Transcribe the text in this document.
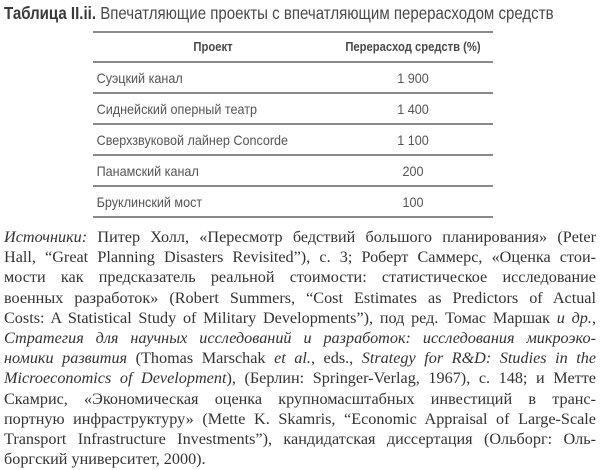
Таблица II.ii. Впечатляющие проекты с впечатляющим перерасходом средств
Проект	Перерасход средств (%)
Суэцкий канал	1 900
Сиднейский оперный театр	1 400
Сверхзвуковой лайнер Concorde	1 100
Панамский канал	200
Бруклинский мост	100
Источники: Питер Холл, «Пересмотр бедствий большого планирования» (Peter
Hall, “Great Planning Disasters Revisited”), с. 3; Роберт Саммерс, «Оценка стои-
мости как предсказатель реальной стоимости: статистическое исследование
военных разработок» (Robert Summers, “Cost Estimates as Predictors of Actual
Costs: A Statistical Study of Military Developments”), под ред. Томас Маршак и др.,
Стратегия для научных исследований и разработок: исследования микроэко-
номики развития (Thomas Marschak et al., eds., Strategy for R&D: Studies in the
Microeconomics of Development), (Берлин: Springer-Verlag, 1967), с. 148; и Метте
Скамрис, «Экономическая оценка крупномасштабных инвестиций в транс-
портную инфраструктуру» (Mette K. Skamris, “Economic Appraisal of Large-Scale
Transport Infrastructure Investments”), кандидатская диссертация (Ольборг: Оль-
боргский университет, 2000).
